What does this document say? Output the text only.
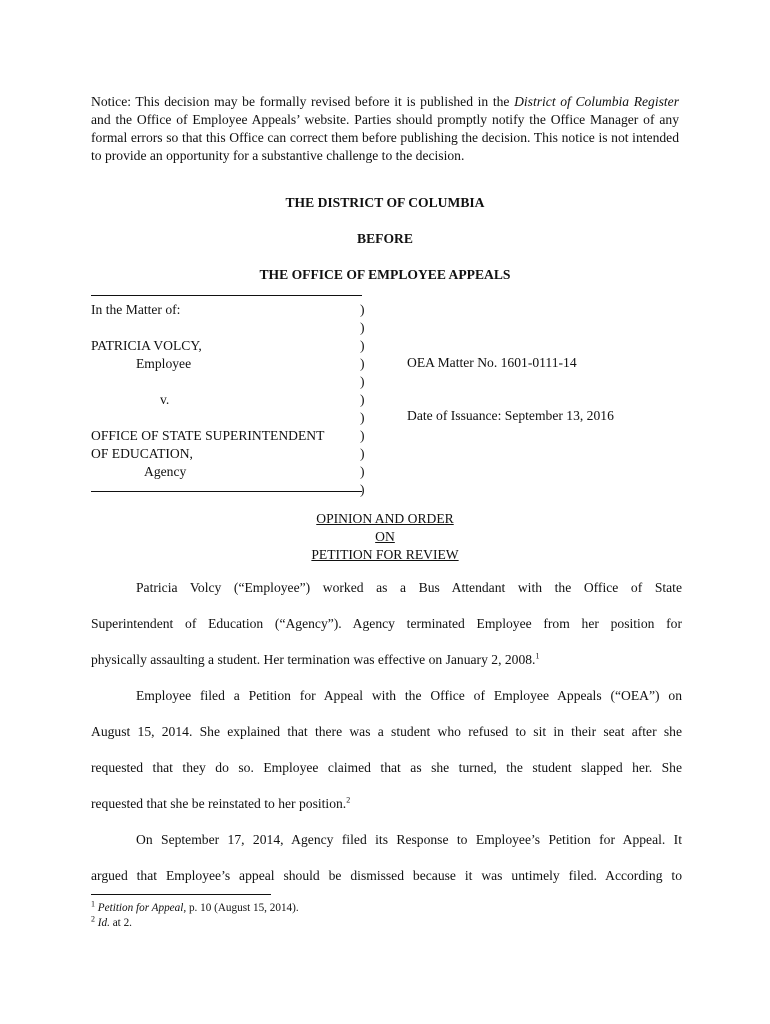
Notice: This decision may be formally revised before it is published in the District of Columbia Register and the Office of Employee Appeals’ website. Parties should promptly notify the Office Manager of any formal errors so that this Office can correct them before publishing the decision. This notice is not intended to provide an opportunity for a substantive challenge to the decision.

THE DISTRICT OF COLUMBIA
BEFORE
THE OFFICE OF EMPLOYEE APPEALS
In the Matter of:
PATRICIA VOLCY,
Employee
v.
OFFICE OF STATE SUPERINTENDENT
OF EDUCATION,
Agency
)
)
)
)
)
)
)
)
)
)
)
OEA Matter No. 1601-0111-14
Date of Issuance: September 13, 2016
OPINION AND ORDER
ON
PETITION FOR REVIEW
Patricia Volcy (“Employee”) worked as a Bus Attendant with the Office of State
Superintendent of Education (“Agency”). Agency terminated Employee from her position for
physically assaulting a student. Her termination was effective on January 2, 2008.$^1$
Employee filed a Petition for Appeal with the Office of Employee Appeals (“OEA”) on
August 15, 2014. She explained that there was a student who refused to sit in their seat after she
requested that they do so. Employee claimed that as she turned, the student slapped her. She
requested that she be reinstated to her position.$^2$
On September 17, 2014, Agency filed its Response to Employee’s Petition for Appeal. It
argued that Employee’s appeal should be dismissed because it was untimely filed. According to
$^1$ Petition for Appeal, p. 10 (August 15, 2014).
$^2$ Id. at 2.
